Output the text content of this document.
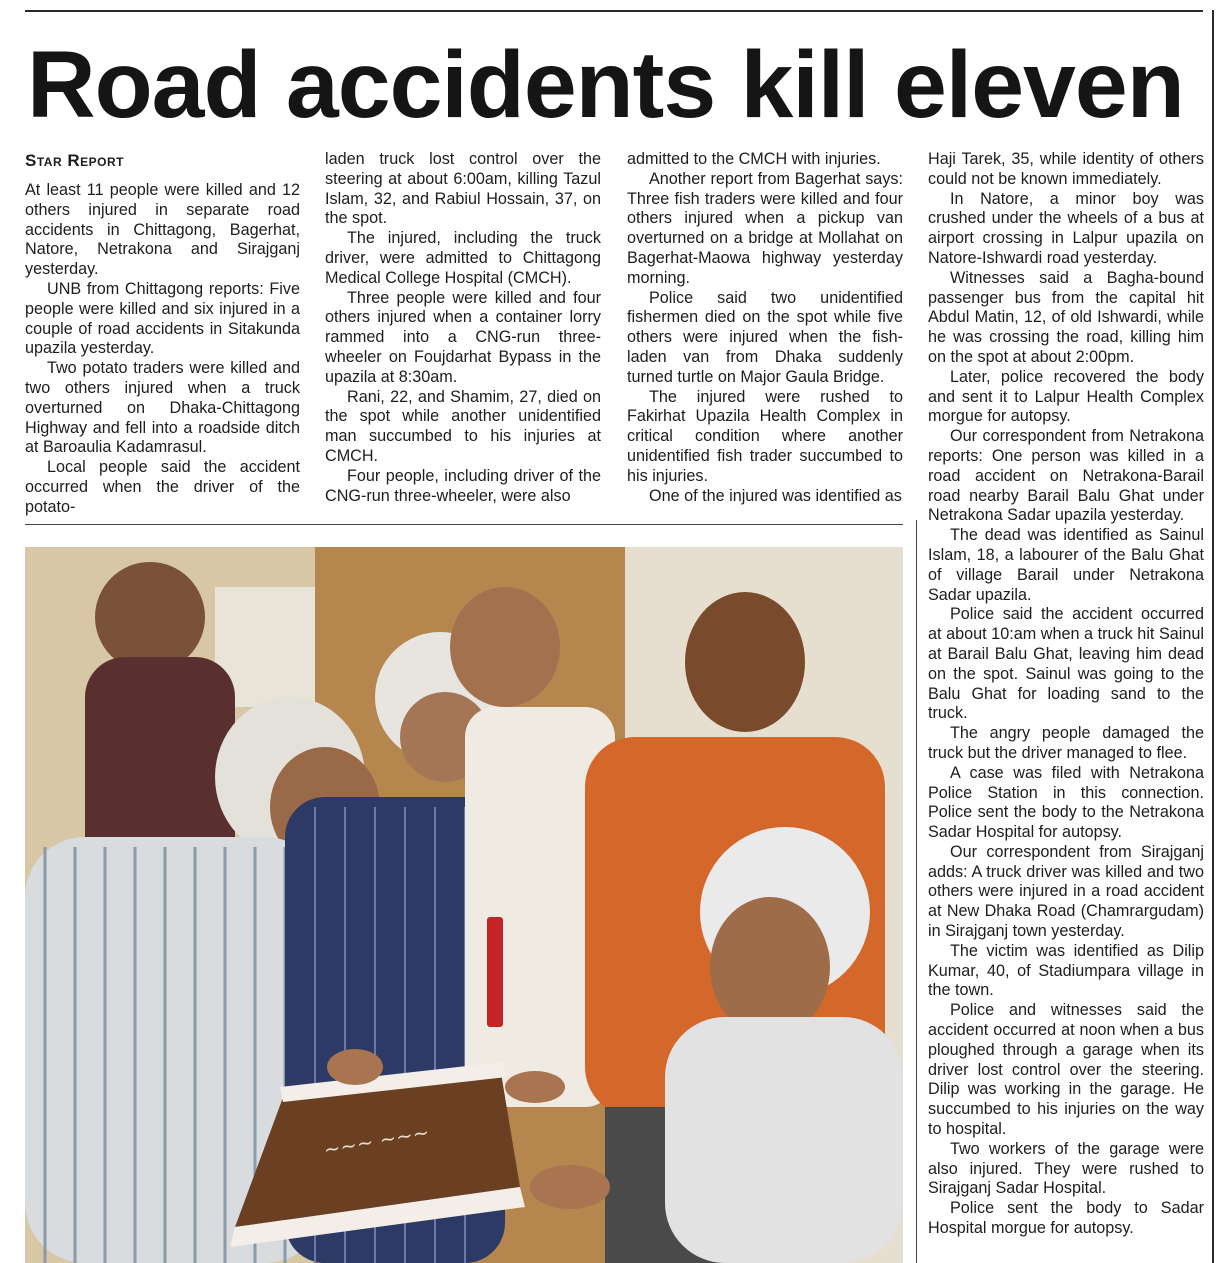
Road accidents kill eleven
Star Report

At least 11 people were killed and 12 others injured in separate road accidents in Chittagong, Bagerhat, Natore, Netrakona and Sirajganj yesterday.

UNB from Chittagong reports: Five people were killed and six injured in a couple of road accidents in Sitakunda upazila yesterday.

Two potato traders were killed and two others injured when a truck overturned on Dhaka-Chittagong Highway and fell into a roadside ditch at Baroaulia Kadamrasul.

Local people said the accident occurred when the driver of the potato-

laden truck lost control over the steering at about 6:00am, killing Tazul Islam, 32, and Rabiul Hossain, 37, on the spot.

The injured, including the truck driver, were admitted to Chittagong Medical College Hospital (CMCH).

Three people were killed and four others injured when a container lorry rammed into a CNG-run three-wheeler on Foujdarhat Bypass in the upazila at 8:30am.

Rani, 22, and Shamim, 27, died on the spot while another unidentified man succumbed to his injuries at CMCH.

Four people, including driver of the CNG-run three-wheeler, were also

admitted to the CMCH with injuries.

Another report from Bagerhat says: Three fish traders were killed and four others injured when a pickup van overturned on a bridge at Mollahat on Bagerhat-Maowa highway yesterday morning.

Police said two unidentified fishermen died on the spot while five others were injured when the fish-laden van from Dhaka suddenly turned turtle on Major Gaula Bridge.

The injured were rushed to Fakirhat Upazila Health Complex in critical condition where another unidentified fish trader succumbed to his injuries.

One of the injured was identified as

Haji Tarek, 35, while identity of others could not be known immediately.

In Natore, a minor boy was crushed under the wheels of a bus at airport crossing in Lalpur upazila on Natore-Ishwardi road yesterday.

Witnesses said a Bagha-bound passenger bus from the capital hit Abdul Matin, 12, of old Ishwardi, while he was crossing the road, killing him on the spot at about 2:00pm.

Later, police recovered the body and sent it to Lalpur Health Complex morgue for autopsy.

Our correspondent from Netrakona reports: One person was killed in a road accident on Netrakona-Barail road nearby Barail Balu Ghat under Netrakona Sadar upazila yesterday.

The dead was identified as Sainul Islam, 18, a labourer of the Balu Ghat of village Barail under Netrakona Sadar upazila.

Police said the accident occurred at about 10:am when a truck hit Sainul at Barail Balu Ghat, leaving him dead on the spot. Sainul was going to the Balu Ghat for loading sand to the truck.

The angry people damaged the truck but the driver managed to flee.

A case was filed with Netrakona Police Station in this connection. Police sent the body to the Netrakona Sadar Hospital for autopsy.

Our correspondent from Sirajganj adds: A truck driver was killed and two others were injured in a road accident at New Dhaka Road (Chamrargudam) in Sirajganj town yesterday.

The victim was identified as Dilip Kumar, 40, of Stadiumpara village in the town.

Police and witnesses said the accident occurred at noon when a bus ploughed through a garage when its driver lost control over the steering. Dilip was working in the garage. He succumbed to his injuries on the way to hospital.

Two workers of the garage were also injured. They were rushed to Sirajganj Sadar Hospital.

Police sent the body to Sadar Hospital morgue for autopsy.

~~~ ~~~
